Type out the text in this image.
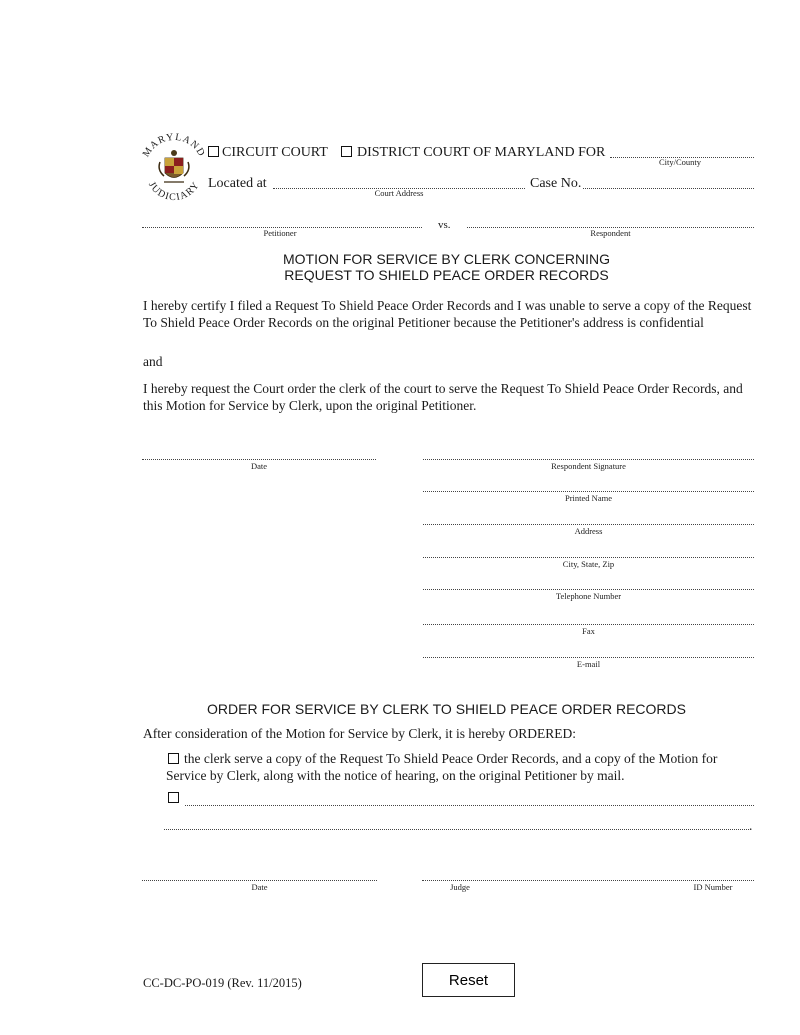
MARYLAND
JUDICIARY
CIRCUIT COURT DISTRICT COURT OF MARYLAND FOR
City/County
Located at
Court Address
Case No.
Petitioner
vs.
Respondent
MOTION FOR SERVICE BY CLERK CONCERNING
REQUEST TO SHIELD PEACE ORDER RECORDS
I hereby certify I filed a Request To Shield Peace Order Records and I was unable to serve a copy of the Request To Shield Peace Order Records on the original Petitioner because the Petitioner's address is confidential
and
I hereby request the Court order the clerk of the court to serve the Request To Shield Peace Order Records, and this Motion for Service by Clerk, upon the original Petitioner.
Date	Respondent Signature
Printed Name
Address
City, State, Zip
Telephone Number
Fax
E-mail
ORDER FOR SERVICE BY CLERK TO SHIELD PEACE ORDER RECORDS
After consideration of the Motion for Service by Clerk, it is hereby ORDERED:
the clerk serve a copy of the Request To Shield Peace Order Records, and a copy of the Motion for
Service by Clerk, along with the notice of hearing, on the original Petitioner by mail.
.
Date	Judge	ID Number
CC-DC-PO-019 (Rev. 11/2015)	Reset
